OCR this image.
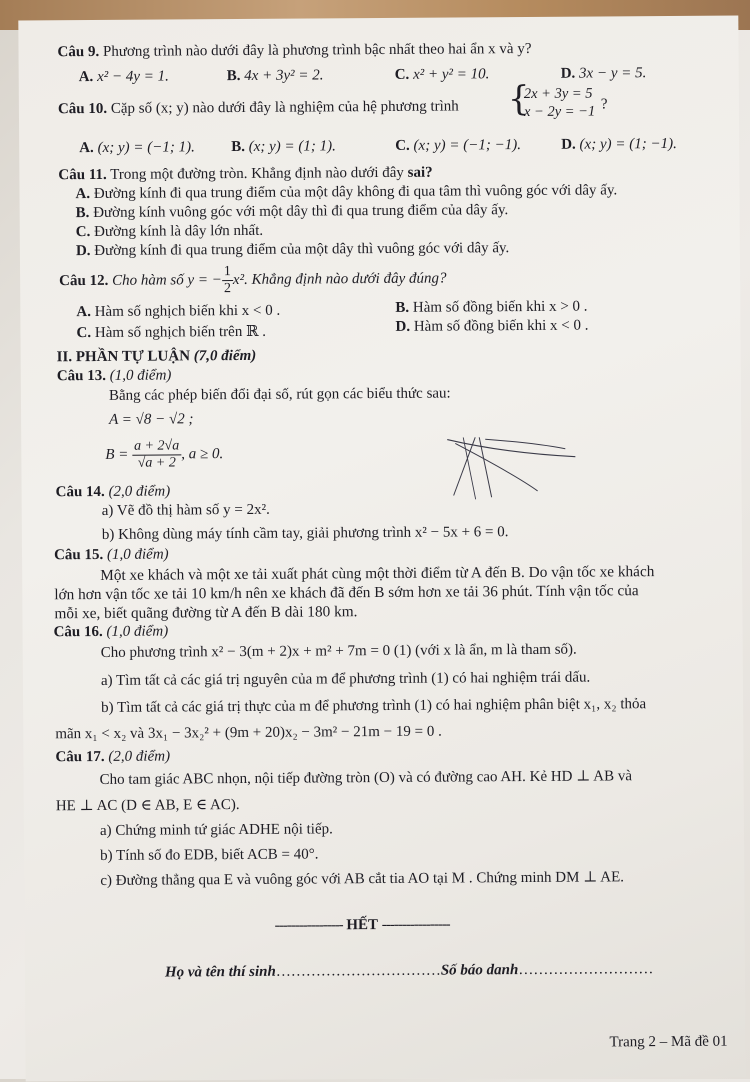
Câu 9. Phương trình nào dưới đây là phương trình bậc nhất theo hai ẩn x và y?
A. x² − 4y = 1.	B. 4x + 3y² = 2.	C. x² + y² = 10.	D. 3x − y = 5.
Câu 10. Cặp số (x; y) nào dưới đây là nghiệm của hệ phương trình {
2x + 3y = 5
x − 2y = −1 ?
A. (x; y) = (−1; 1). B. (x; y) = (1; 1).	C. (x; y) = (−1; −1).	D. (x; y) = (1; −1).
Câu 11. Trong một đường tròn. Khẳng định nào dưới đây sai?
A. Đường kính đi qua trung điểm của một dây không đi qua tâm thì vuông góc với dây ấy.
B. Đường kính vuông góc với một dây thì đi qua trung điểm của dây ấy.
C. Đường kính là dây lớn nhất.
D. Đường kính đi qua trung điểm của một dây thì vuông góc với dây ấy.
Câu 12. Cho hàm số y = − $\frac{1}{2} x^2$. Khẳng định nào dưới đây đúng?
A. Hàm số nghịch biến khi x < 0 .	B. Hàm số đồng biến khi x > 0 .
C. Hàm số nghịch biến trên ℝ .	D. Hàm số đồng biến khi x < 0 .
II. PHẦN TỰ LUẬN (7,0 điểm)
Câu 13. (1,0 điểm)
Bằng các phép biến đổi đại số, rút gọn các biểu thức sau:
A = √8 − √2 ;
$B = \frac{a + 2√a}{√a + 2}$ , a ≥ 0.
Câu 14. (2,0 điểm)
a) Vẽ đồ thị hàm số y = 2x².
b) Không dùng máy tính cầm tay, giải phương trình x² − 5x + 6 = 0.
Câu 15. (1,0 điểm)
Một xe khách và một xe tải xuất phát cùng một thời điểm từ A đến B. Do vận tốc xe khách
lớn hơn vận tốc xe tải 10 km/h nên xe khách đã đến B sớm hơn xe tải 36 phút. Tính vận tốc của
mỗi xe, biết quãng đường từ A đến B dài 180 km.
Câu 16. (1,0 điểm)
Cho phương trình x² − 3(m + 2)x + m² + 7m = 0 (1) (với x là ẩn, m là tham số).
a) Tìm tất cả các giá trị nguyên của m để phương trình (1) có hai nghiệm trái dấu.
b) Tìm tất cả các giá trị thực của m để phương trình (1) có hai nghiệm phân biệt x₁, x₂ thỏa
mãn x₁ < x₂ và 3x₁ − 3x₂² + (9m + 20)x₂ − 3m² − 21m − 19 = 0 .
Câu 17. (2,0 điểm)
Cho tam giác ABC nhọn, nội tiếp đường tròn (O) và có đường cao AH. Kẻ HD ⊥ AB và
HE ⊥ AC (D ∈ AB, E ∈ AC).
a) Chứng minh tứ giác ADHE nội tiếp.
b) Tính số đo EDB, biết ACB = 40°.
c) Đường thẳng qua E và vuông góc với AB cắt tia AO tại M . Chứng minh DM ⊥ AE.
----------------- HẾT -----------------
Họ và tên thí sinh……………………………Số báo danh………………………
Trang 2 – Mã đề 01
